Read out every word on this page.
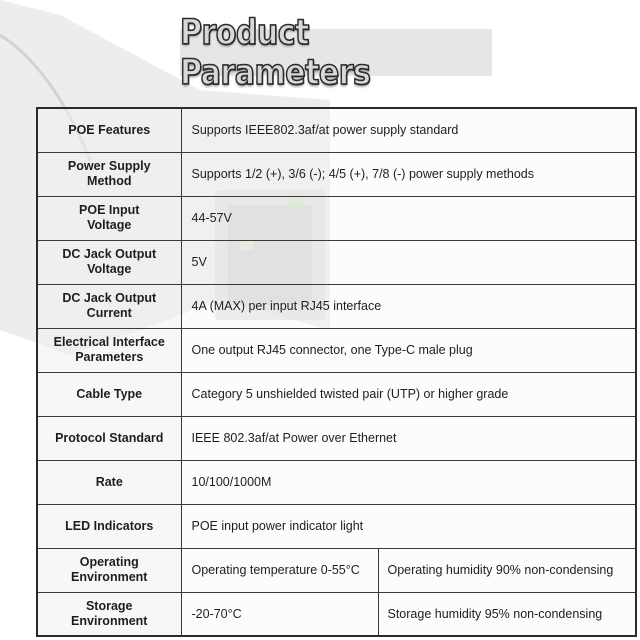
Product Parameters
POE Features	Supports IEEE802.3af/at power supply standard	
Power Supply
Method	Supports 1/2 (+), 3/6 (-); 4/5 (+), 7/8 (-) power supply methods	
POE Input
Voltage	44-57V	
DC Jack Output
Voltage	5V	
DC Jack Output
Current	4A (MAX) per input RJ45 interface	
Electrical Interface
Parameters	One output RJ45 connector, one Type-C male plug	
Cable Type	Category 5 unshielded twisted pair (UTP) or higher grade	
Protocol Standard	IEEE 802.3af/at Power over Ethernet	
Rate	10/100/1000M	
LED Indicators	POE input power indicator light	
Operating
Environment	Operating temperature 0-55°C	Operating humidity 90% non-condensing
Storage
Environment	-20-70°C	Storage humidity 95% non-condensing
